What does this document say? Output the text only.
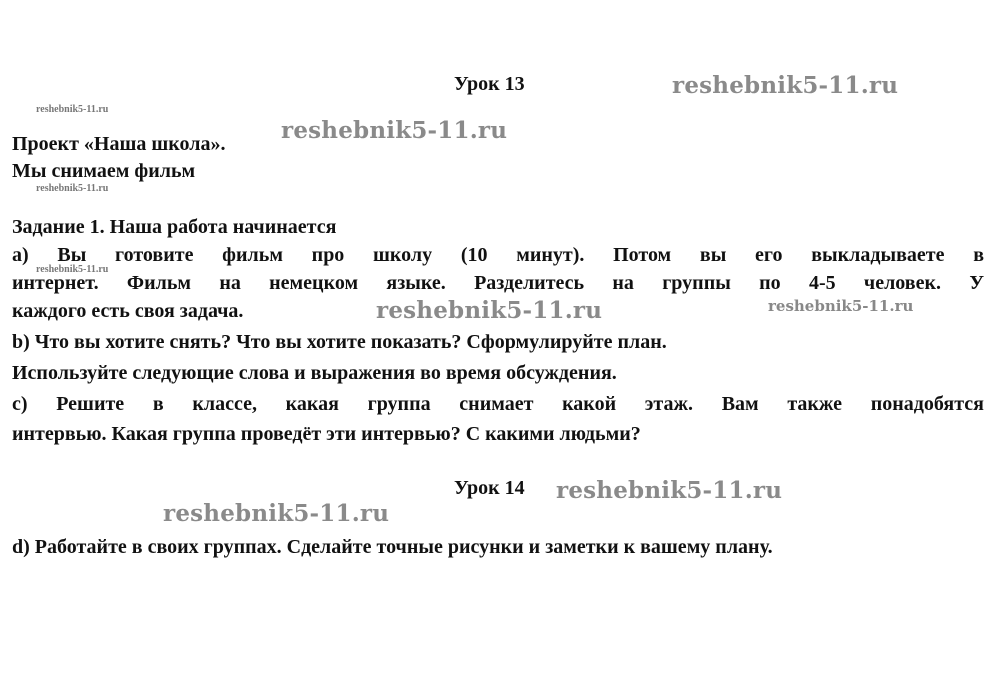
Урок 13
Проект «Наша школа».
Мы снимаем фильм
Задание 1. Наша работа начинается
а) Вы готовите фильм про школу (10 минут). Потом вы его выкладываете в
интернет. Фильм на немецком языке. Разделитесь на группы по 4-5 человек. У
каждого есть своя задача.
b) Что вы хотите снять? Что вы хотите показать? Сформулируйте план.
Используйте следующие слова и выражения во время обсуждения.
c) Решите в классе, какая группа снимает какой этаж. Вам также понадобятся
интервью. Какая группа проведёт эти интервью? С какими людьми?
Урок 14
d) Работайте в своих группах. Сделайте точные рисунки и заметки к вашему плану.
reshebnik5-11.ru
reshebnik5-11.ru
reshebnik5-11.ru
reshebnik5-11.ru
reshebnik5-11.ru
reshebnik5-11.ru	reshebnik5-11.ru
reshebnik5-11.ru
reshebnik5-11.ru
